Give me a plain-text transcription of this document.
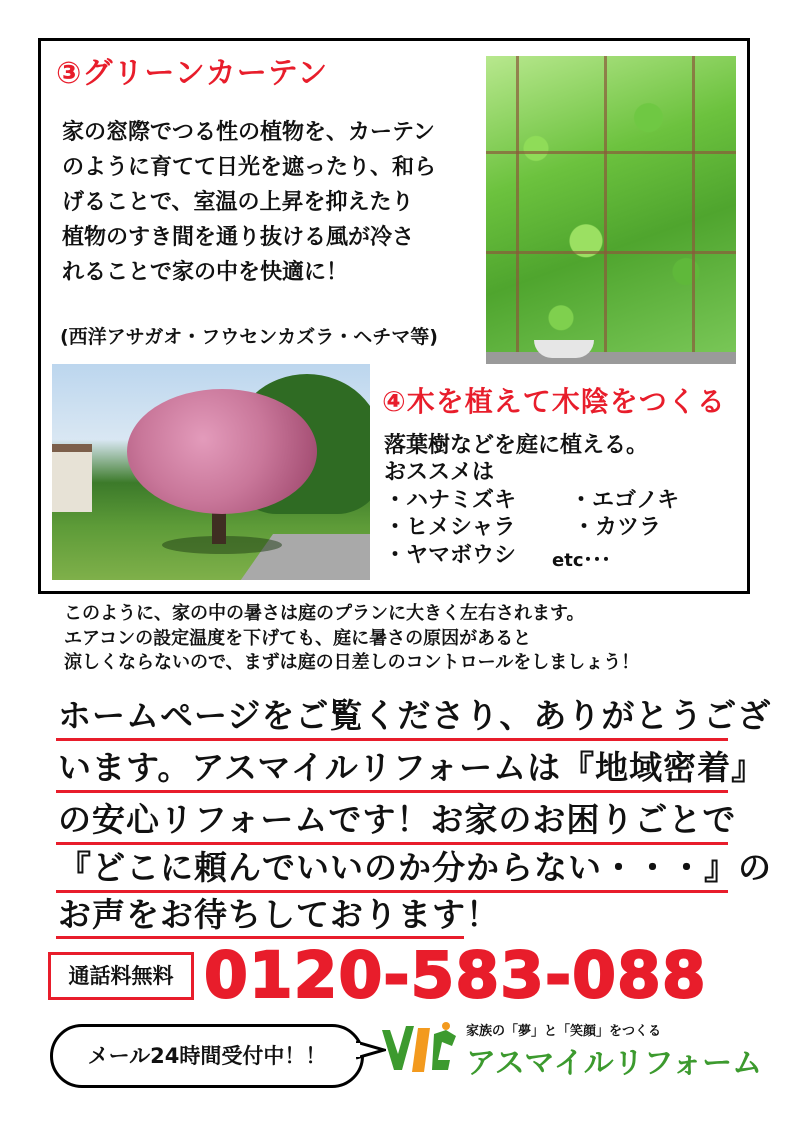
③グリーンカーテン
家の窓際でつる性の植物を、カーテン
のように育てて日光を遮ったり、和ら
げることで、室温の上昇を抑えたり
植物のすき間を通り抜ける風が冷さ
れることで家の中を快適に！
(西洋アサガオ・フウセンカズラ・ヘチマ等)
④木を植えて木陰をつくる
落葉樹などを庭に植える。
おススメは
・ハナミズキ ・エゴノキ
・ヒメシャラ	・カツラ
・ヤマボウシ etc･･･
このように、家の中の暑さは庭のプランに大きく左右されます。
エアコンの設定温度を下げても、庭に暑さの原因があると
涼しくならないので、まずは庭の日差しのコントロールをしましょう！
ホームページをご覧くださり、ありがとうござ
います。アスマイルリフォームは『地域密着』
の安心リフォームです！お家のお困りごとで
『どこに頼んでいいのか分からない・・・』の
お声をお待ちしております！
通話料無料 0120-583-088
メール24時間受付中！！
家族の「夢」と「笑顔」をつくる
アスマイルリフォーム
